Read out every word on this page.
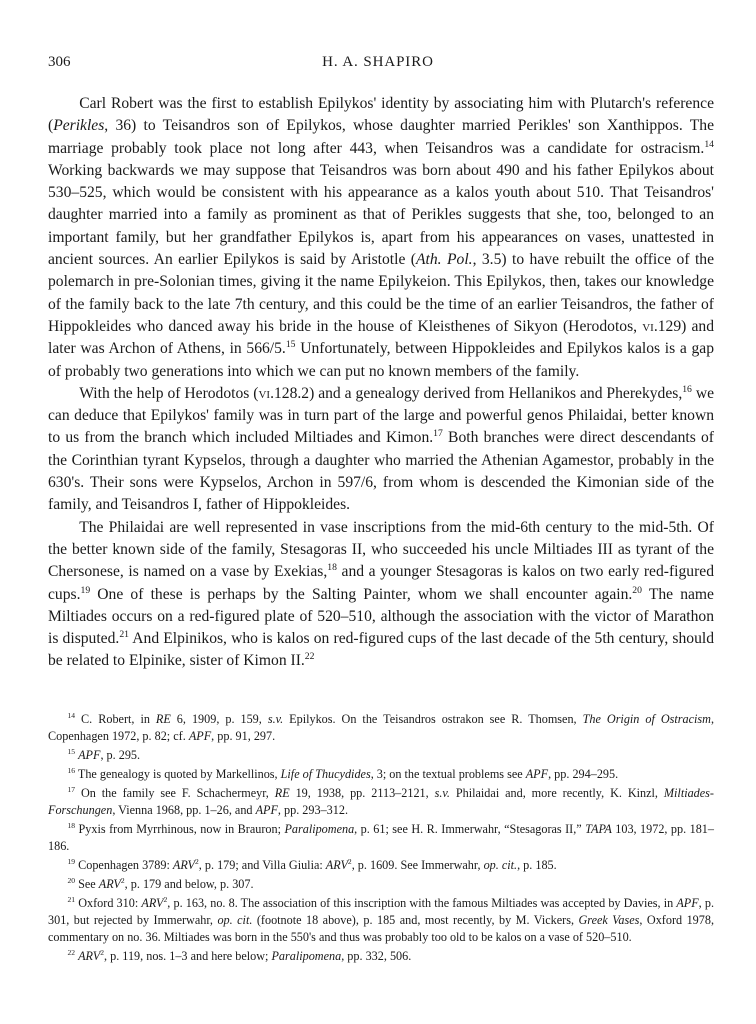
306	H. A. SHAPIRO

Carl Robert was the first to establish Epilykos' identity by associating him with Plutarch's reference (Perikles, 36) to Teisandros son of Epilykos, whose daughter married Perikles' son Xanthippos. The marriage probably took place not long after 443, when Teisandros was a candidate for ostracism.$^{14}$ Working backwards we may suppose that Teisandros was born about 490 and his father Epilykos about 530–525, which would be consistent with his appearance as a kalos youth about 510. That Teisandros' daughter married into a family as prominent as that of Perikles suggests that she, too, belonged to an important family, but her grandfather Epilykos is, apart from his appearances on vases, unattested in ancient sources. An earlier Epilykos is said by Aristotle (Ath. Pol., 3.5) to have rebuilt the office of the polemarch in pre-Solonian times, giving it the name Epilykeion. This Epilykos, then, takes our knowledge of the family back to the late 7th century, and this could be the time of an earlier Teisandros, the father of Hippokleides who danced away his bride in the house of Kleisthenes of Sikyon (Herodotos, vi.129) and later was Archon of Athens, in 566/5.15 Unfortunately, between Hippokleides and Epilykos kalos is a gap of probably two generations into which we can put no known members of the family.

With the help of Herodotos (vi.128.2) and a genealogy derived from Hellanikos and Pherekydes,$^{16}$ we can deduce that Epilykos' family was in turn part of the large and powerful genos Philaidai, better known to us from the branch which included Miltiades and Kimon.$^{17}$ Both branches were direct descendants of the Corinthian tyrant Kypselos, through a daughter who married the Athenian Agamestor, probably in the 630's. Their sons were Kypselos, Archon in 597/6, from whom is descended the Kimonian side of the family, and Teisandros I, father of Hippokleides.

The Philaidai are well represented in vase inscriptions from the mid-6th century to the mid-5th. Of the better known side of the family, Stesagoras II, who succeeded his uncle Miltiades III as tyrant of the Chersonese, is named on a vase by Exekias,$^{18}$ and a younger Stesagoras is kalos on two early red-figured cups.$^{19}$ One of these is perhaps by the Salting Painter, whom we shall encounter again.$^{20}$ The name Miltiades occurs on a red-figured plate of 520–510, although the association with the victor of Marathon is disputed.$^{21}$ And Elpinikos, who is kalos on red-figured cups of the last decade of the 5th century, should be related to Elpinike, sister of Kimon II.$^{22}$

$^{14}$ C. Robert, in RE 6, 1909, p. 159, s.v. Epilykos. On the Teisandros ostrakon see R. Thomsen, The Origin of Ostracism, Copenhagen 1972, p. 82; cf. APF, pp. 91, 297.

$^{15}$ APF, p. 295.

$^{16}$ The genealogy is quoted by Markellinos, Life of Thucydides, 3; on the textual problems see APF, pp. 294–295.

$^{17}$ On the family see F. Schachermeyr, RE 19, 1938, pp. 2113–2121, s.v. Philaidai and, more recently, K. Kinzl, Miltiades-Forschungen, Vienna 1968, pp. 1–26, and APF, pp. 293–312.

$^{18}$ Pyxis from Myrrhinous, now in Brauron; Paralipomena, p. 61; see H. R. Immerwahr, “Stesagoras II,” TAPA 103, 1972, pp. 181–186.

$^{19}$ Copenhagen 3789: ARV$^2$, p. 179; and Villa Giulia: ARV$^2$, p. 1609. See Immerwahr, op. cit., p. 185.

$^{20}$ See ARV$^2$, p. 179 and below, p. 307.

$^{21}$ Oxford 310: ARV$^2$, p. 163, no. 8. The association of this inscription with the famous Miltiades was accepted by Davies, in APF, p. 301, but rejected by Immerwahr, op. cit. (footnote 18 above), p. 185 and, most recently, by M. Vickers, Greek Vases, Oxford 1978, commentary on no. 36. Miltiades was born in the 550's and thus was probably too old to be kalos on a vase of 520–510.

$^{22}$ ARV$^2$, p. 119, nos. 1–3 and here below; Paralipomena, pp. 332, 506.
